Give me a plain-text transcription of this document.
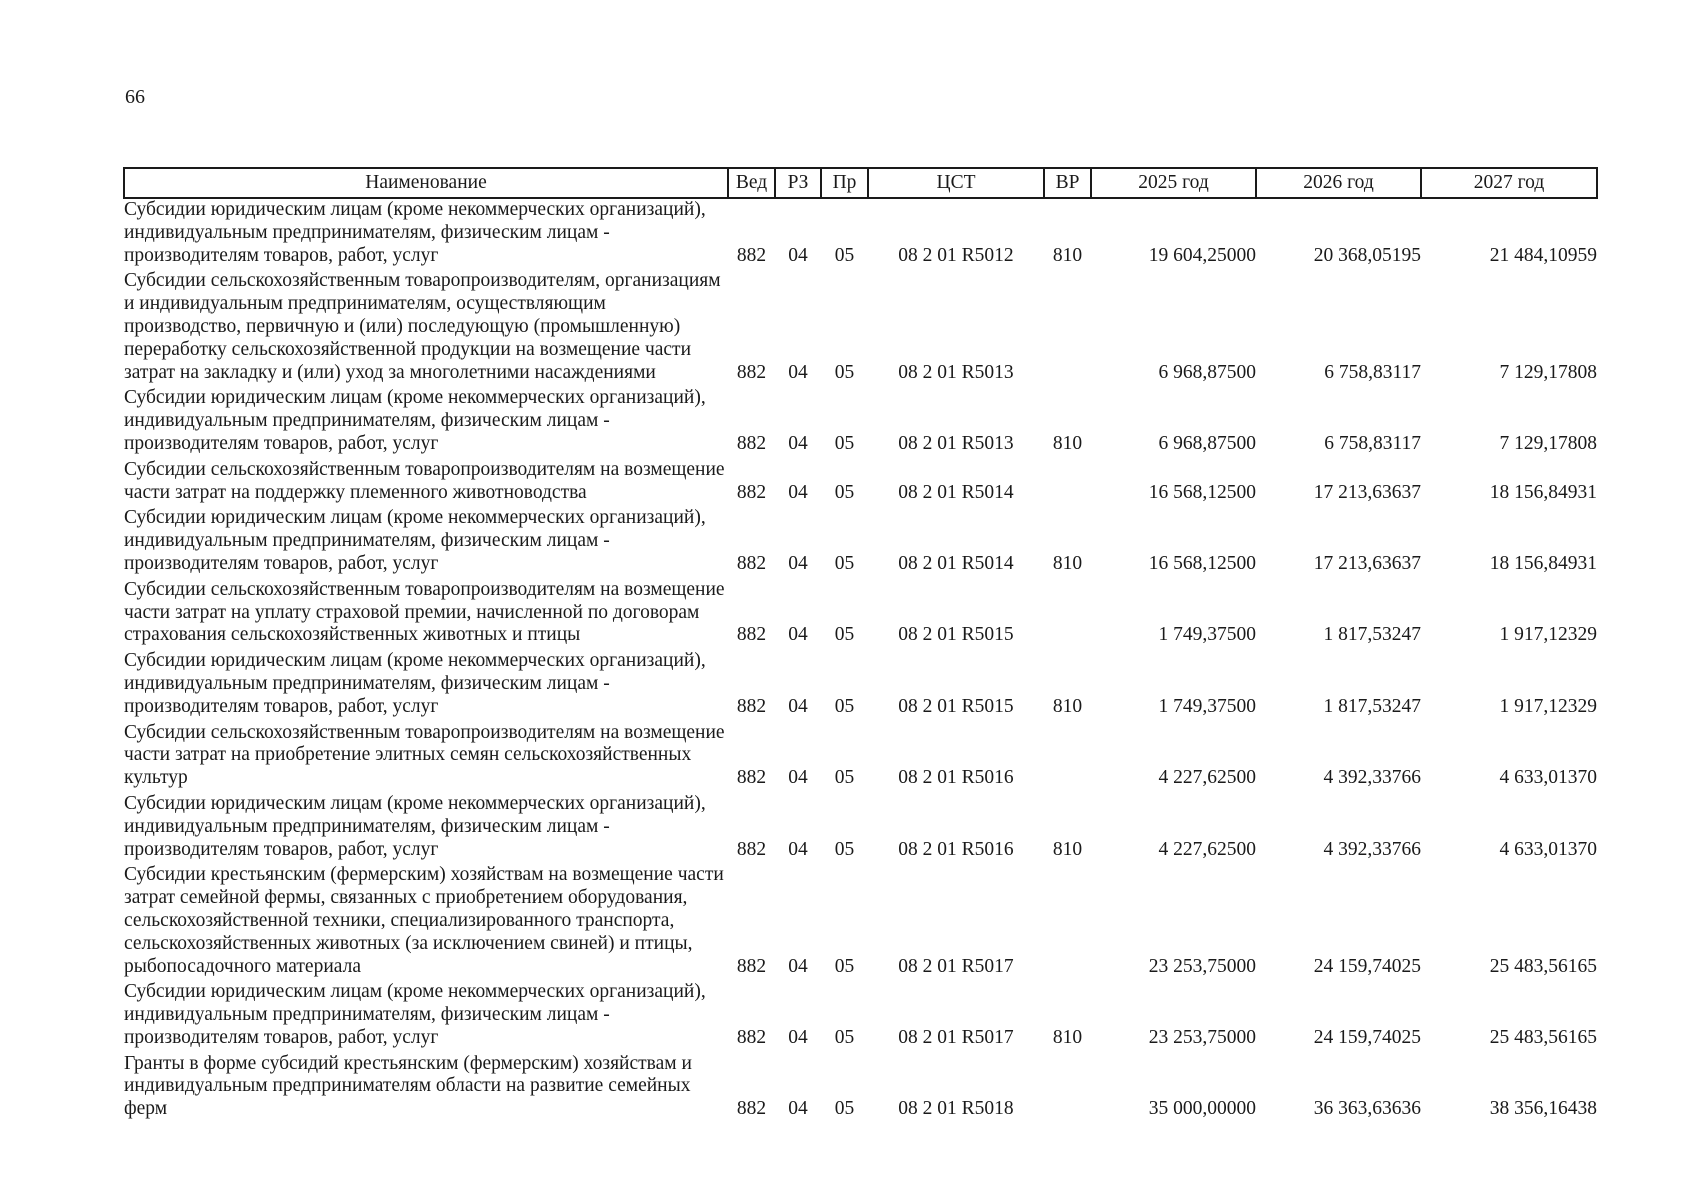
66
Наименование	Вед	РЗ	Пр	ЦСТ	ВР	2025 год	2026 год	2027 год
Субсидии юридическим лицам (кроме некоммерческих организаций), индивидуальным предпринимателям, физическим лицам - производителям товаров, работ, услуг	882	04	05	08 2 01 R5012	810	19 604,25000	20 368,05195	21 484,10959
Субсидии сельскохозяйственным товаропроизводителям, организациям и индивидуальным предпринимателям, осуществляющим производство, первичную и (или) последующую (промышленную) переработку сельскохозяйственной продукции на возмещение части затрат на закладку и (или) уход за многолетними насаждениями	882	04	05	08 2 01 R5013		6 968,87500	6 758,83117	7 129,17808
Субсидии юридическим лицам (кроме некоммерческих организаций), индивидуальным предпринимателям, физическим лицам - производителям товаров, работ, услуг	882	04	05	08 2 01 R5013	810	6 968,87500	6 758,83117	7 129,17808
Субсидии сельскохозяйственным товаропроизводителям на возмещение части затрат на поддержку племенного животноводства	882	04	05	08 2 01 R5014		16 568,12500	17 213,63637	18 156,84931
Субсидии юридическим лицам (кроме некоммерческих организаций), индивидуальным предпринимателям, физическим лицам - производителям товаров, работ, услуг	882	04	05	08 2 01 R5014	810	16 568,12500	17 213,63637	18 156,84931
Субсидии сельскохозяйственным товаропроизводителям на возмещение части затрат на уплату страховой премии, начисленной по договорам страхования сельскохозяйственных животных и птицы	882	04	05	08 2 01 R5015		1 749,37500	1 817,53247	1 917,12329
Субсидии юридическим лицам (кроме некоммерческих организаций), индивидуальным предпринимателям, физическим лицам - производителям товаров, работ, услуг	882	04	05	08 2 01 R5015	810	1 749,37500	1 817,53247	1 917,12329
Субсидии сельскохозяйственным товаропроизводителям на возмещение части затрат на приобретение элитных семян сельскохозяйственных культур	882	04	05	08 2 01 R5016		4 227,62500	4 392,33766	4 633,01370
Субсидии юридическим лицам (кроме некоммерческих организаций), индивидуальным предпринимателям, физическим лицам - производителям товаров, работ, услуг	882	04	05	08 2 01 R5016	810	4 227,62500	4 392,33766	4 633,01370
Субсидии крестьянским (фермерским) хозяйствам на возмещение части затрат семейной фермы, связанных с приобретением оборудования, сельскохозяйственной техники, специализированного транспорта, сельскохозяйственных животных (за исключением свиней) и птицы, рыбопосадочного материала	882	04	05	08 2 01 R5017		23 253,75000	24 159,74025	25 483,56165
Субсидии юридическим лицам (кроме некоммерческих организаций), индивидуальным предпринимателям, физическим лицам - производителям товаров, работ, услуг	882	04	05	08 2 01 R5017	810	23 253,75000	24 159,74025	25 483,56165
Гранты в форме субсидий крестьянским (фермерским) хозяйствам и индивидуальным предпринимателям области на развитие семейных ферм	882	04	05	08 2 01 R5018		35 000,00000	36 363,63636	38 356,16438
